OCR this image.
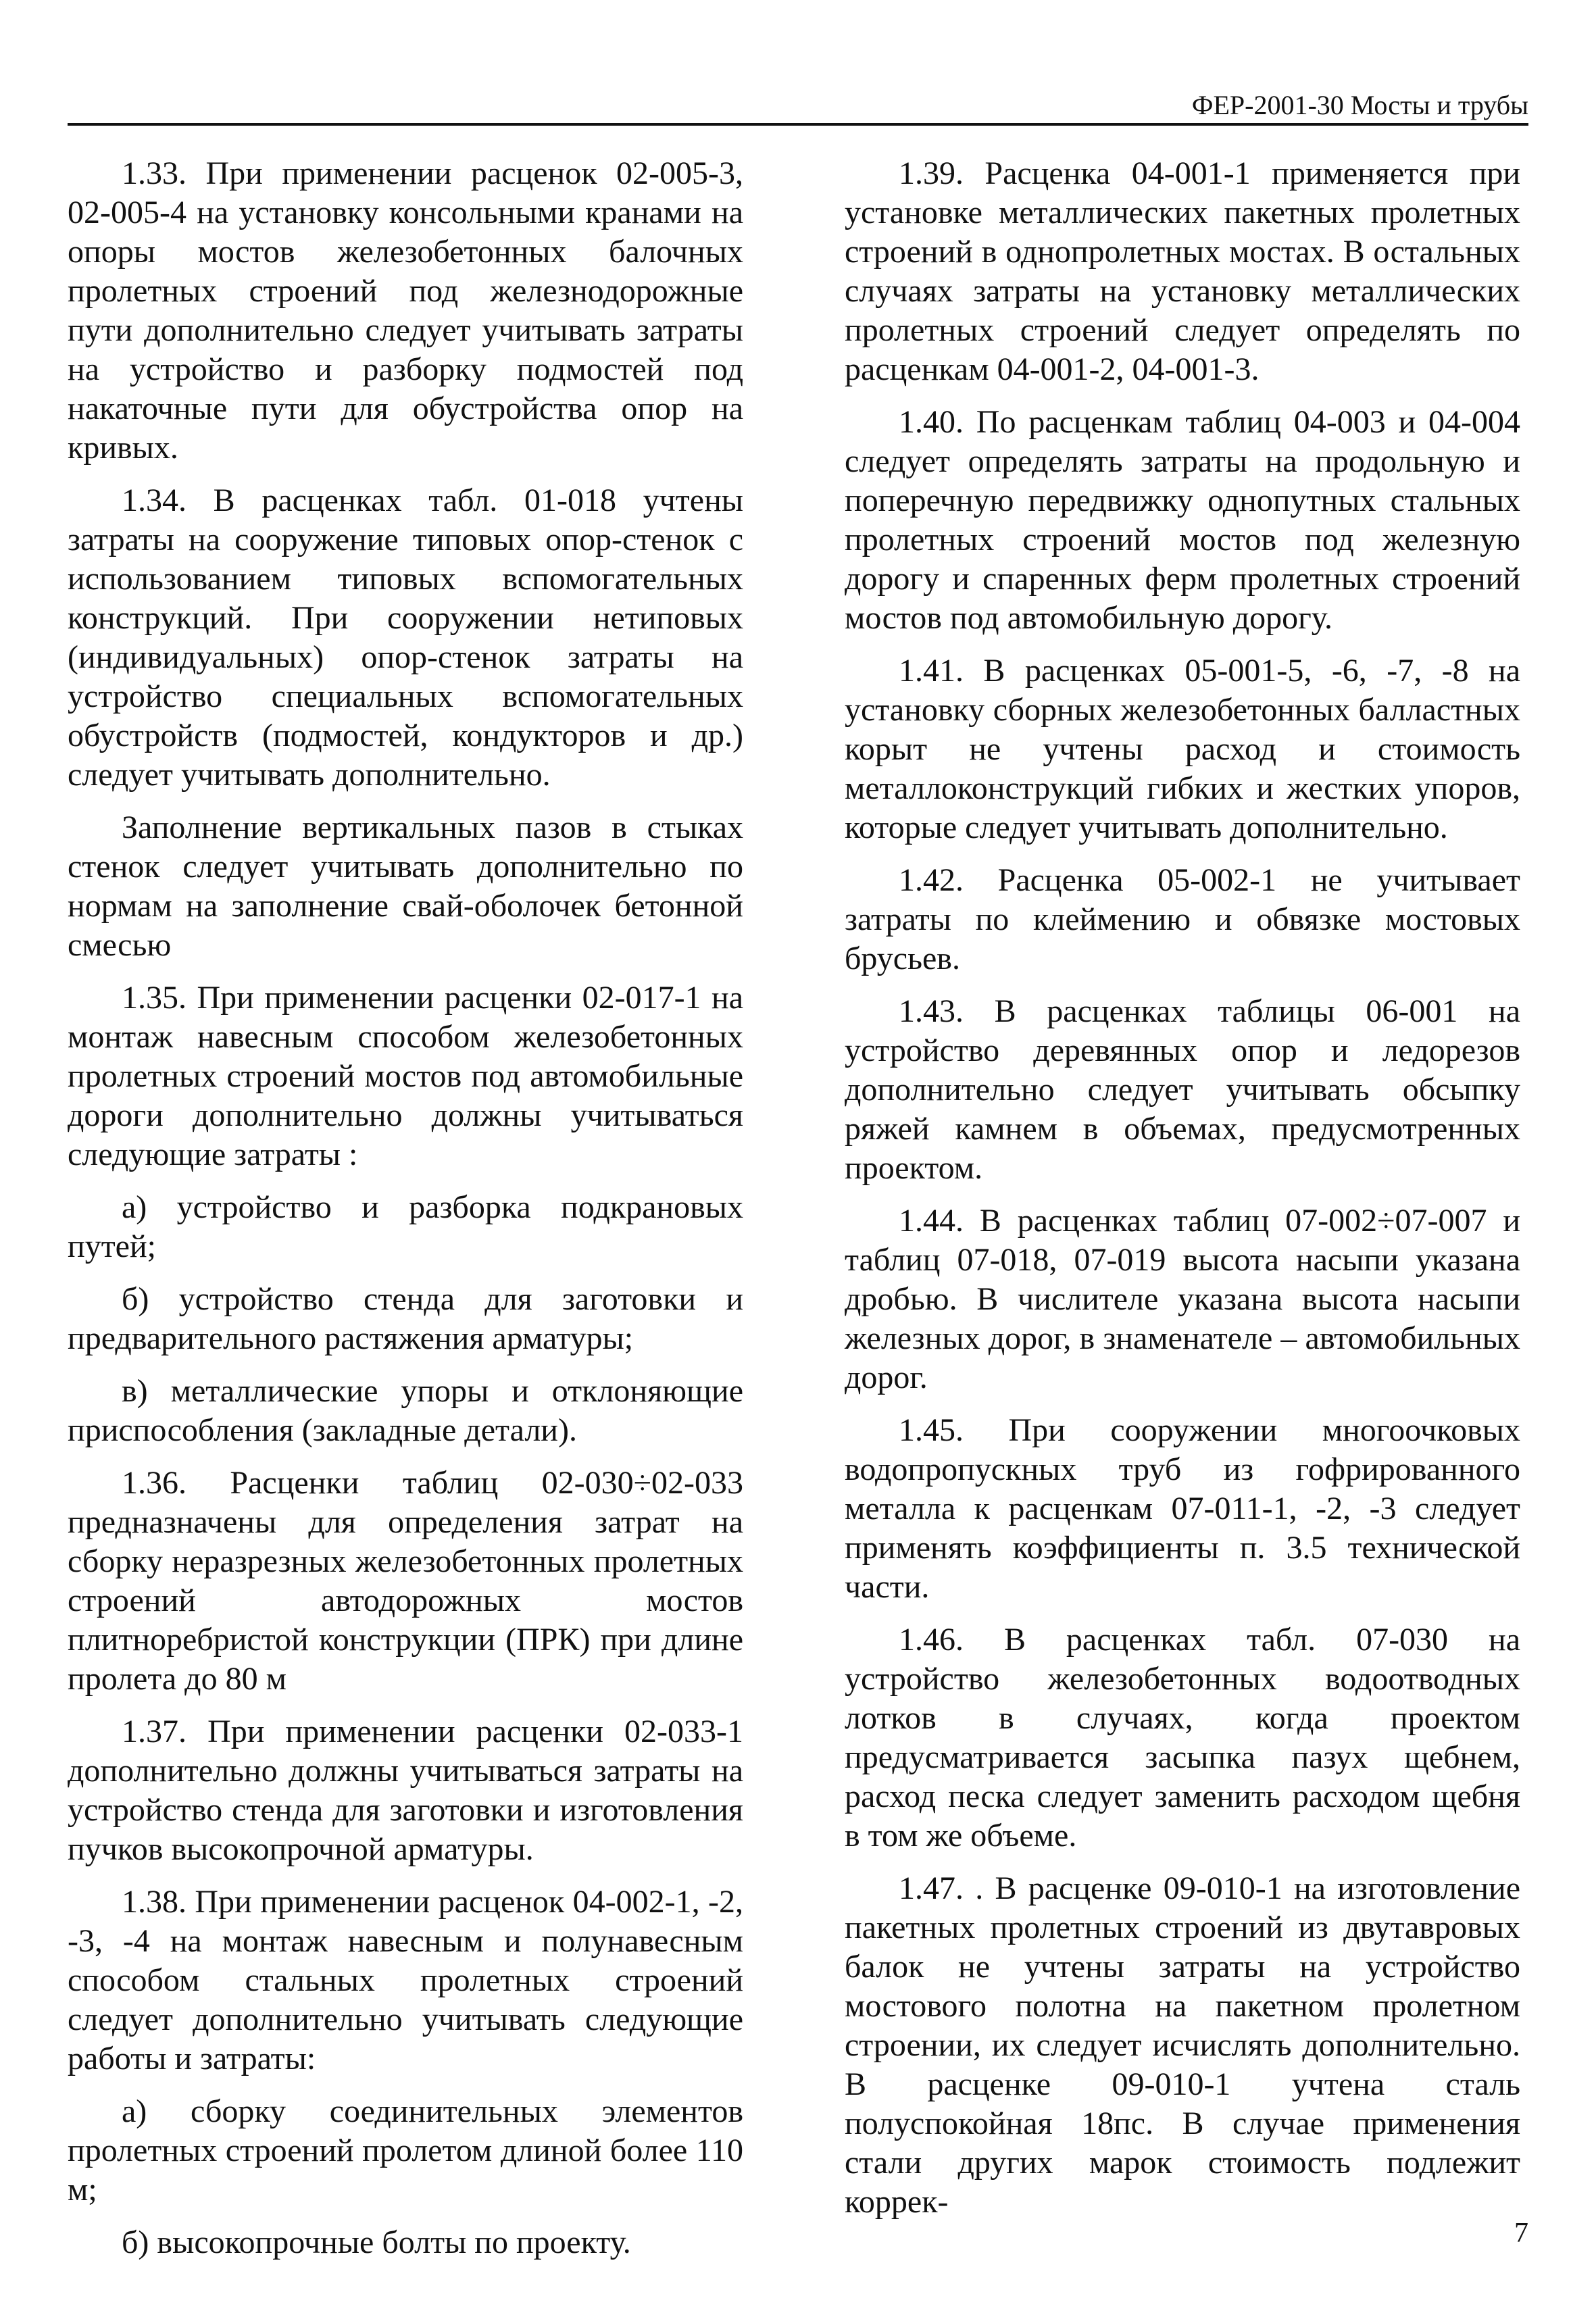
ФЕР-2001-30 Мосты и трубы

1.33. При применении расценок 02-005-3, 02-005-4 на установку консольными кранами на опоры мостов железобетонных балочных пролетных строений под железнодорожные пути дополнительно следует учитывать затраты на устройство и разборку подмостей под накаточные пути для обустройства опор на кривых.

1.34. В расценках табл. 01-018 учтены затраты на сооружение типовых опор-стенок с использованием типовых вспомогательных конструкций. При сооружении нетиповых (индивидуальных) опор-стенок затраты на устройство специальных вспомогательных обустройств (подмостей, кондукторов и др.) следует учитывать дополнительно.

Заполнение вертикальных пазов в стыках стенок следует учитывать дополнительно по нормам на заполнение свай-оболочек бетонной смесью

1.35. При применении расценки 02-017-1 на монтаж навесным способом железобетонных пролетных строений мостов под автомобильные дороги дополнительно должны учитываться следующие затраты :

а) устройство и разборка подкрановых путей;

б) устройство стенда для заготовки и предварительного растяжения арматуры;

в) металлические упоры и отклоняющие приспособления (закладные детали).

1.36. Расценки таблиц 02-030÷02-033 предназначены для определения затрат на сборку неразрезных железобетонных пролетных строений автодорожных мостов плитноребристой конструкции (ПРК) при длине пролета до 80 м

1.37. При применении расценки 02-033-1 дополнительно должны учитываться затраты на устройство стенда для заготовки и изготовления пучков высокопрочной арматуры.

1.38. При применении расценок 04-002-1, -2, -3, -4 на монтаж навесным и полунавесным способом стальных пролетных строений следует дополнительно учитывать следующие работы и затраты:

а) сборку соединительных элементов пролетных строений пролетом длиной более 110 м;

б) высокопрочные болты по проекту.

1.39. Расценка 04-001-1 применяется при установке металлических пакетных пролетных строений в однопролетных мостах. В остальных случаях затраты на установку металлических пролетных строений следует определять по расценкам 04-001-2, 04-001-3.

1.40. По расценкам таблиц 04-003 и 04-004 следует определять затраты на продольную и поперечную передвижку однопутных стальных пролетных строений мостов под железную дорогу и спаренных ферм пролетных строений мостов под автомобильную дорогу.

1.41. В расценках 05-001-5, -6, -7, -8 на установку сборных железобетонных балластных корыт не учтены расход и стоимость металлоконструкций гибких и жестких упоров, которые следует учитывать дополнительно.

1.42. Расценка 05-002-1 не учитывает затраты по клеймению и обвязке мостовых брусьев.

1.43. В расценках таблицы 06-001 на устройство деревянных опор и ледорезов дополнительно следует учитывать обсыпку ряжей камнем в объемах, предусмотренных проектом.

1.44. В расценках таблиц 07-002÷07-007 и таблиц 07-018, 07-019 высота насыпи указана дробью. В числителе указана высота насыпи железных дорог, в знаменателе – автомобильных дорог.

1.45. При сооружении многоочковых водопропускных труб из гофрированного металла к расценкам 07-011-1, -2, -3 следует применять коэффициенты п. 3.5 технической части.

1.46. В расценках табл. 07-030 на устройство железобетонных водоотводных лотков в случаях, когда проектом предусматривается засыпка пазух щебнем, расход песка следует заменить расходом щебня в том же объеме.

1.47. . В расценке 09-010-1 на изготовление пакетных пролетных строений из двутавровых балок не учтены затраты на устройство мостового полотна на пакетном пролетном строении, их следует исчислять дополнительно. В расценке 09-010-1 учтена сталь полуспокойная 18пс. В случае применения стали других марок стоимость подлежит коррек-

7
